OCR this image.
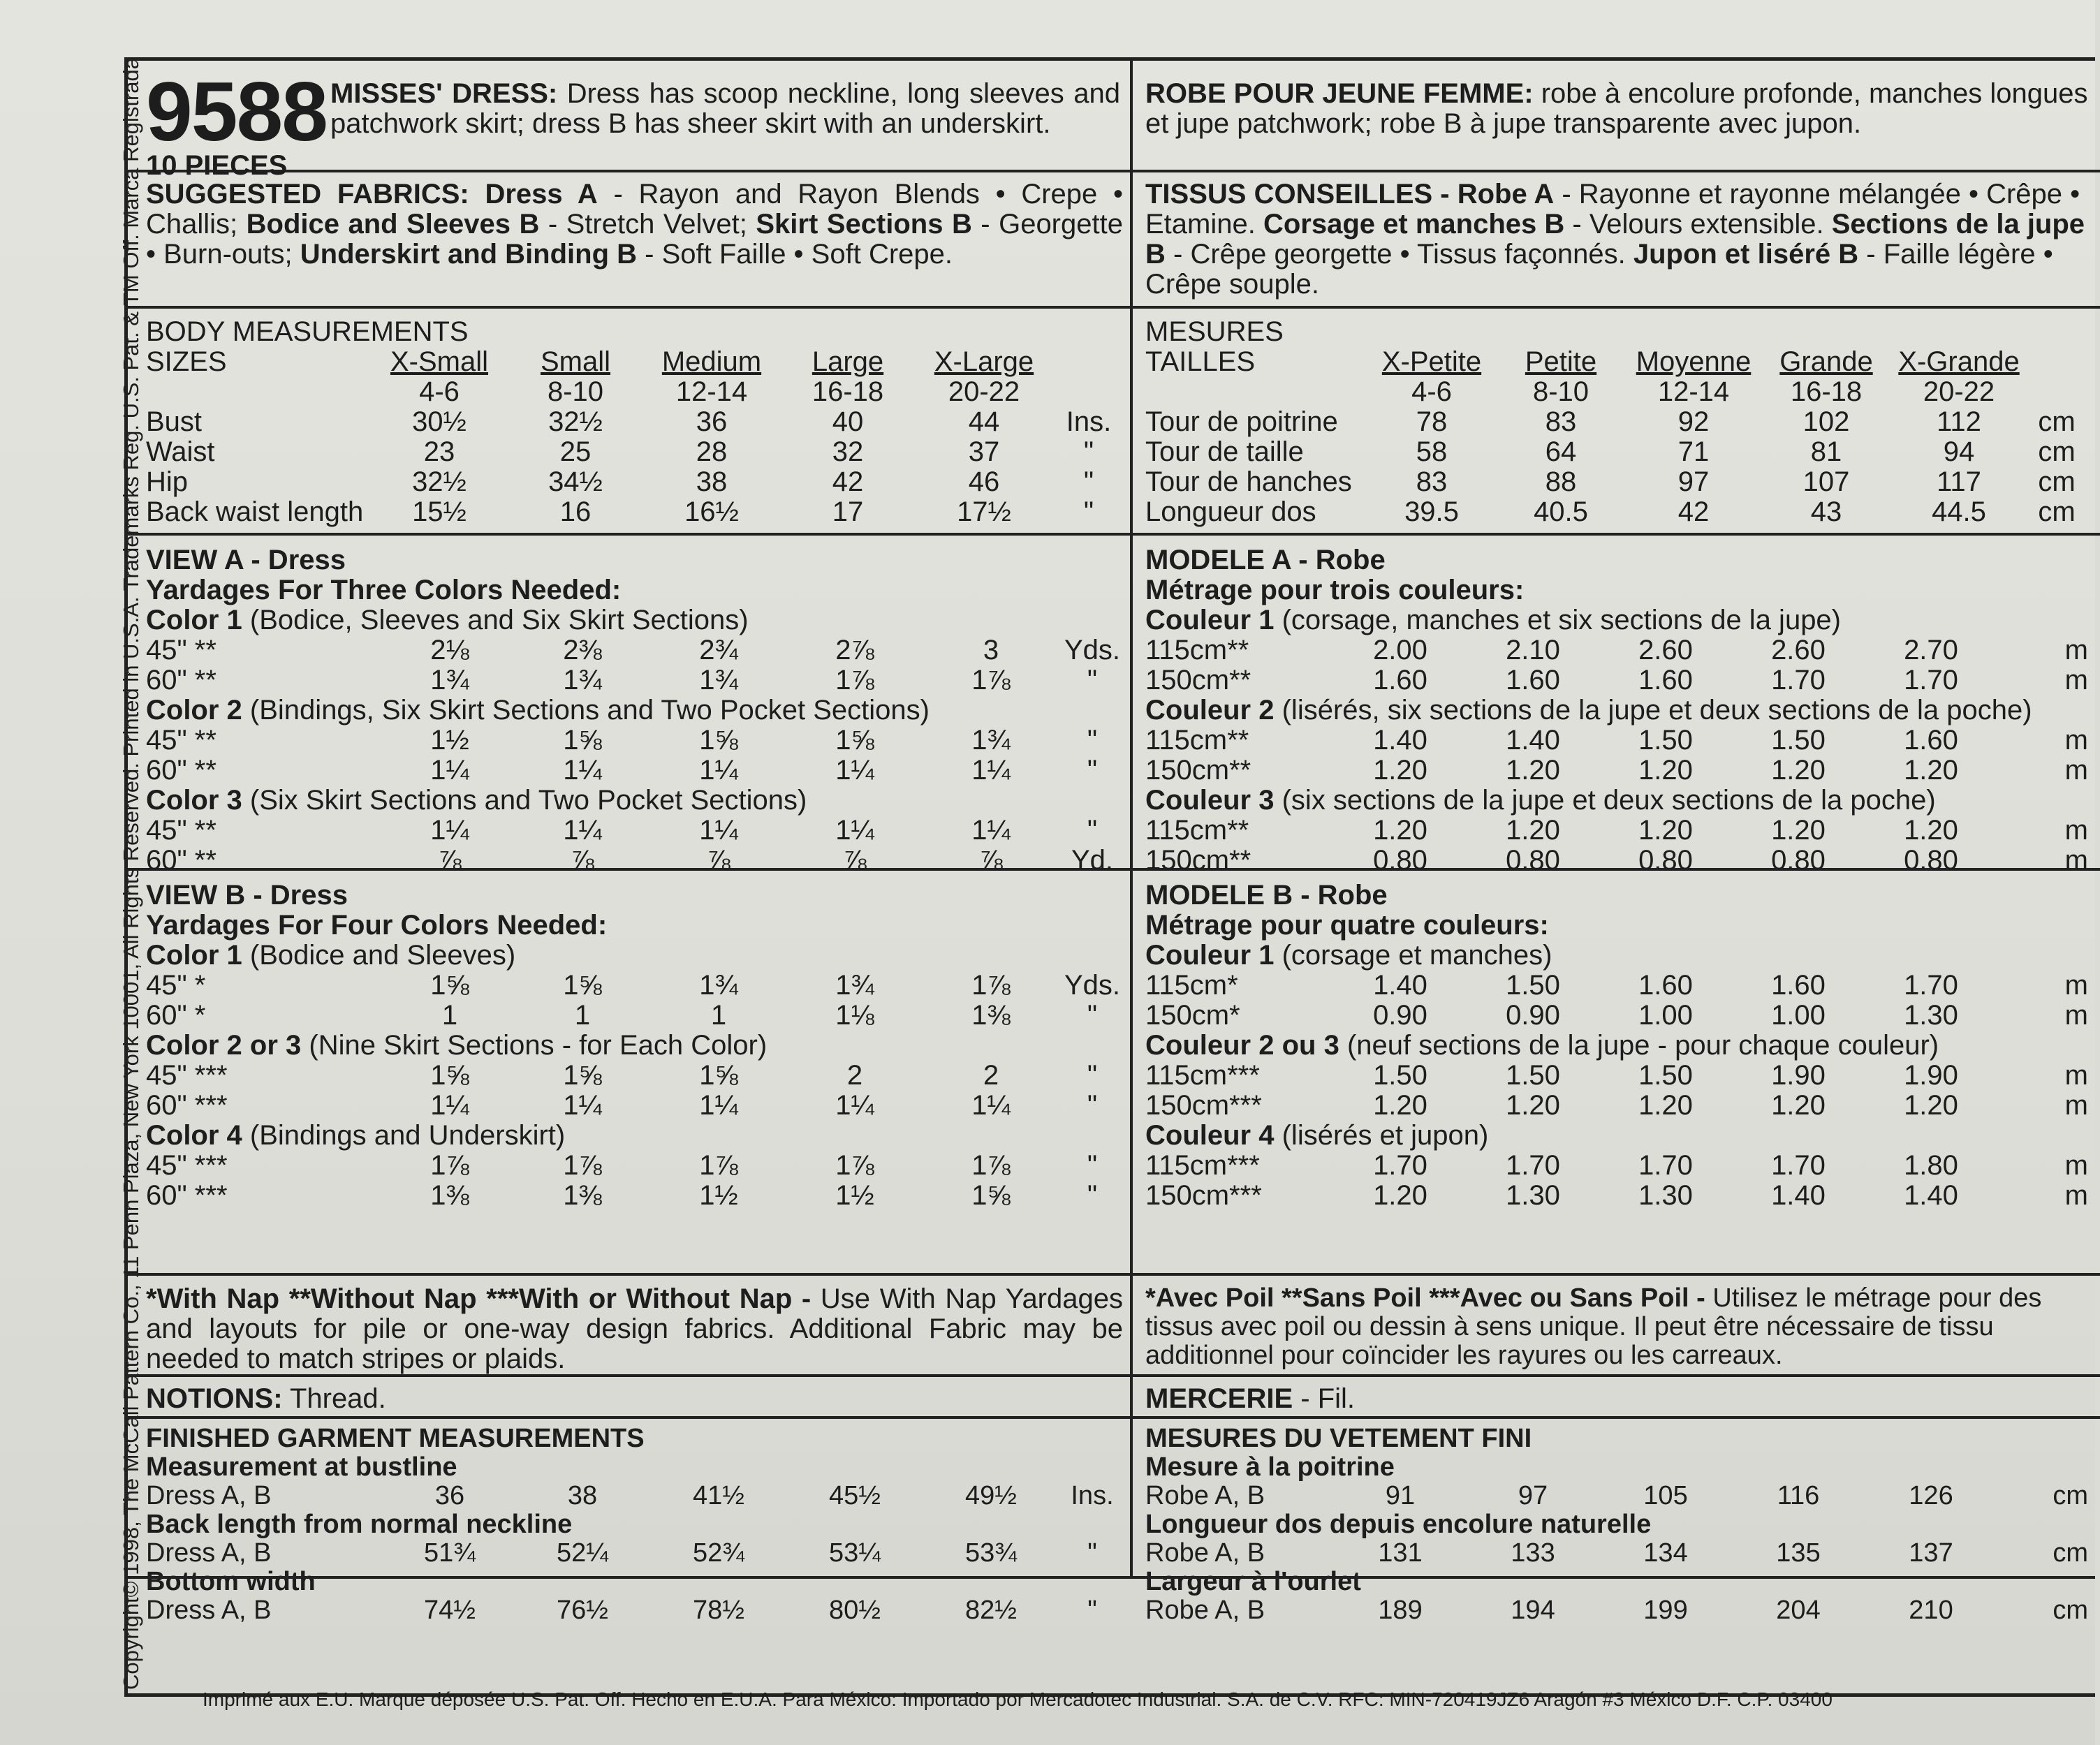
Copyright© 1998, The McCall Pattern Co., 11 Penn Plaza, New York 10001, All Rights Reserved. Printed in U.S.A. Trademarks Reg. U.S. Pat. & TM Off. Marca Registrada 9588
10 PIECES
MISSES' DRESS: Dress has scoop neckline, long sleeves and patchwork skirt; dress B has sheer skirt with an underskirt.
SUGGESTED FABRICS: Dress A - Rayon and Rayon Blends • Crepe • Challis; Bodice and Sleeves B - Stretch Velvet; Skirt Sections B - Georgette • Burn-outs; Underskirt and Binding B - Soft Faille • Soft Crepe.
BODY MEASUREMENTS
SIZES	X-Small	Small	Medium	Large	X-Large	
	4-6	8-10	12-14	16-18	20-22	
Bust	30½	32½	36	40	44	Ins.
Waist	23	25	28	32	37	"
Hip	32½	34½	38	42	46	"
Back waist length	15½	16	16½	17	17½	"
VIEW A - Dress
Yardages For Three Colors Needed:
Color 1 (Bodice, Sleeves and Six Skirt Sections)						
45" **	2⅛	2⅜	2¾	2⅞	3	Yds.
60" **	1¾	1¾	1¾	1⅞	1⅞	"
Color 2 (Bindings, Six Skirt Sections and Two Pocket Sections)						
45" **	1½	1⅝	1⅝	1⅝	1¾	"
60" **	1¼	1¼	1¼	1¼	1¼	"
Color 3 (Six Skirt Sections and Two Pocket Sections)						
45" **	1¼	1¼	1¼	1¼	1¼	"
60" **	⅞	⅞	⅞	⅞	⅞	Yd.
VIEW B - Dress
Yardages For Four Colors Needed:
Color 1 (Bodice and Sleeves)						
45" *	1⅝	1⅝	1¾	1¾	1⅞	Yds.
60" *	1	1	1	1⅛	1⅜	"
Color 2 or 3 (Nine Skirt Sections - for Each Color)						
45" ***	1⅝	1⅝	1⅝	2	2	"
60" ***	1¼	1¼	1¼	1¼	1¼	"
Color 4 (Bindings and Underskirt)						
45" ***	1⅞	1⅞	1⅞	1⅞	1⅞	"
60" ***	1⅜	1⅜	1½	1½	1⅝	"
*With Nap **Without Nap ***With or Without Nap - Use With Nap Yardages and layouts for pile or one-way design fabrics. Additional Fabric may be needed to match stripes or plaids.
NOTIONS: Thread.
FINISHED GARMENT MEASUREMENTS
Measurement at bustline						
Dress A, B	36	38	41½	45½	49½	Ins.
Back length from normal neckline						
Dress A, B	51¾	52¼	52¾	53¼	53¾	"
Bottom width						
Dress A, B	74½	76½	78½	80½	82½	"
ROBE POUR JEUNE FEMME: robe à encolure profonde, manches longues et jupe patchwork; robe B à jupe transparente avec jupon.
TISSUS CONSEILLES - Robe A - Rayonne et rayonne mélangée • Crêpe • Etamine. Corsage et manches B - Velours extensible. Sections de la jupe B - Crêpe georgette • Tissus façonnés. Jupon et liséré B - Faille légère • Crêpe souple.
MESURES
TAILLES	X-Petite	Petite	Moyenne	Grande	X-Grande	
	4-6	8-10	12-14	16-18	20-22	
Tour de poitrine	78	83	92	102	112	cm
Tour de taille	58	64	71	81	94	cm
Tour de hanches	83	88	97	107	117	cm
Longueur dos	39.5	40.5	42	43	44.5	cm
MODELE A - Robe
Métrage pour trois couleurs:
Couleur 1 (corsage, manches et six sections de la jupe)						
115cm**	2.00	2.10	2.60	2.60	2.70	m
150cm**	1.60	1.60	1.60	1.70	1.70	m
Couleur 2 (lisérés, six sections de la jupe et deux sections de la poche)						
115cm**	1.40	1.40	1.50	1.50	1.60	m
150cm**	1.20	1.20	1.20	1.20	1.20	m
Couleur 3 (six sections de la jupe et deux sections de la poche)						
115cm**	1.20	1.20	1.20	1.20	1.20	m
150cm**	0.80	0.80	0.80	0.80	0.80	m
MODELE B - Robe
Métrage pour quatre couleurs:
Couleur 1 (corsage et manches)						
115cm*	1.40	1.50	1.60	1.60	1.70	m
150cm*	0.90	0.90	1.00	1.00	1.30	m
Couleur 2 ou 3 (neuf sections de la jupe - pour chaque couleur)						
115cm***	1.50	1.50	1.50	1.90	1.90	m
150cm***	1.20	1.20	1.20	1.20	1.20	m
Couleur 4 (lisérés et jupon)						
115cm***	1.70	1.70	1.70	1.70	1.80	m
150cm***	1.20	1.30	1.30	1.40	1.40	m
*Avec Poil **Sans Poil ***Avec ou Sans Poil - Utilisez le métrage pour des tissus avec poil ou dessin à sens unique. Il peut être nécessaire de tissu additionnel pour coïncider les rayures ou les carreaux.
MERCERIE - Fil.
MESURES DU VETEMENT FINI
Mesure à la poitrine						
Robe A, B	91	97	105	116	126	cm
Longueur dos depuis encolure naturelle						
Robe A, B	131	133	134	135	137	cm
Largeur à l'ourlet						
Robe A, B	189	194	199	204	210	cm
Imprimé aux E.U. Marque déposée U.S. Pat. Off. Hecho en E.U.A. Para México: Importado por Mercadotec Industrial. S.A. de C.V. RFC: MIN-720419JZ6 Aragón #3 México D.F. C.P. 03400
